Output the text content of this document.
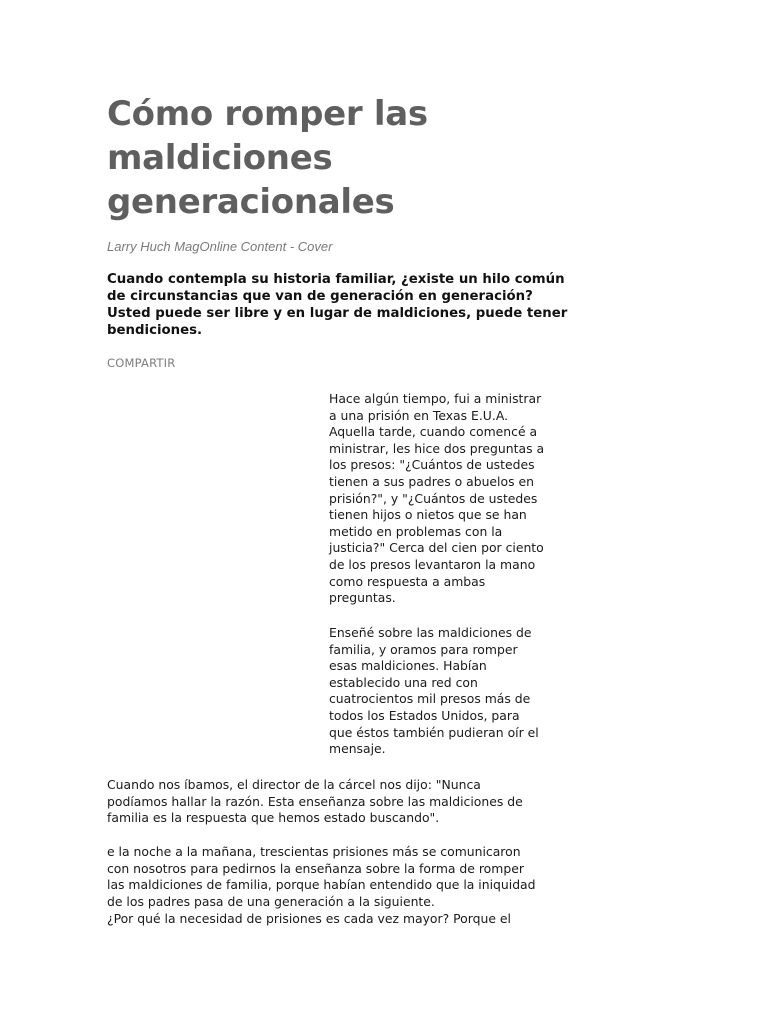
Cómo romper las
maldiciones
generacionales

Larry Huch MagOnline Content - Cover

Cuando contempla su historia familiar, ¿existe un hilo común
de circunstancias que van de generación en generación?
Usted puede ser libre y en lugar de maldiciones, puede tener
bendiciones.

COMPARTIR

Hace algún tiempo, fui a ministrar
a una prisión en Texas E.U.A.
Aquella tarde, cuando comencé a
ministrar, les hice dos preguntas a
los presos: "¿Cuántos de ustedes
tienen a sus padres o abuelos en
prisión?", y "¿Cuántos de ustedes
tienen hijos o nietos que se han
metido en problemas con la
justicia?" Cerca del cien por ciento
de los presos levantaron la mano
como respuesta a ambas
preguntas.

Enseñé sobre las maldiciones de
familia, y oramos para romper
esas maldiciones. Habían
establecido una red con
cuatrocientos mil presos más de
todos los Estados Unidos, para
que éstos también pudieran oír el
mensaje.

Cuando nos íbamos, el director de la cárcel nos dijo: "Nunca
podíamos hallar la razón. Esta enseñanza sobre las maldiciones de
familia es la respuesta que hemos estado buscando".

e la noche a la mañana, trescientas prisiones más se comunicaron
con nosotros para pedirnos la enseñanza sobre la forma de romper
las maldiciones de familia, porque habían entendido que la iniquidad
de los padres pasa de una generación a la siguiente.

¿Por qué la necesidad de prisiones es cada vez mayor? Porque el
